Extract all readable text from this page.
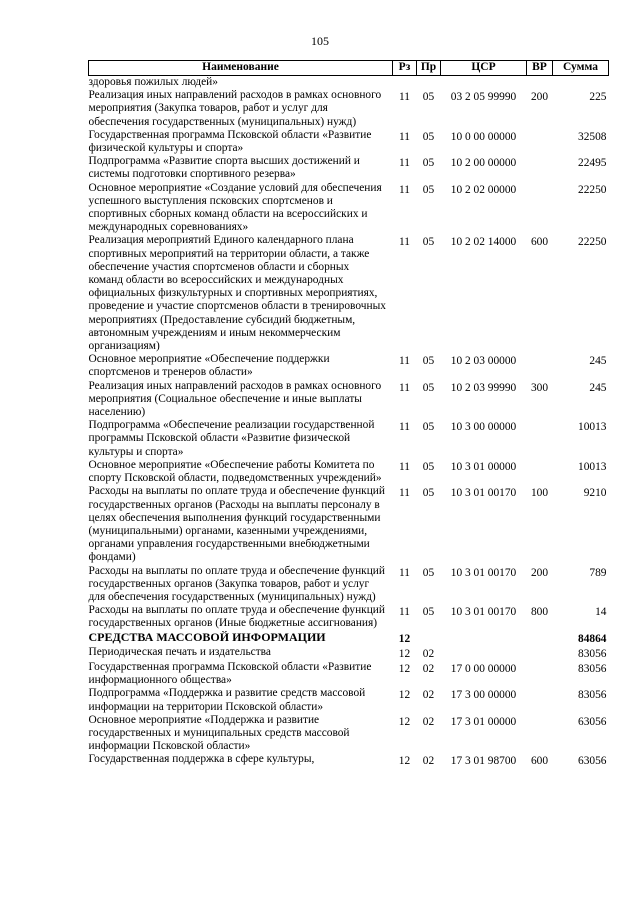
105
Наименование	Рз	Пр	ЦСР	ВР	Сумма
здоровья пожилых людей»					
Реализация иных направлений расходов в рамках основного мероприятия (Закупка товаров, работ и услуг для обеспечения государственных (муниципальных) нужд)	11	05	03 2 05 99990	200	225
Государственная программа Псковской области «Развитие физической культуры и спорта»	11	05	10 0 00 00000		32508
Подпрограмма «Развитие спорта высших достижений и системы подготовки спортивного резерва»	11	05	10 2 00 00000		22495
Основное мероприятие «Создание условий для обеспечения успешного выступления псковских спортсменов и спортивных сборных команд области на всероссийских и международных соревнованиях»	11	05	10 2 02 00000		22250
Реализация мероприятий Единого календарного плана спортивных мероприятий на территории области, а также обеспечение участия спортсменов области и сборных команд области во всероссийских и международных официальных физкультурных и спортивных мероприятиях, проведение и участие спортсменов области в тренировочных мероприятиях (Предоставление субсидий бюджетным, автономным учреждениям и иным некоммерческим организациям)	11	05	10 2 02 14000	600	22250
Основное мероприятие «Обеспечение поддержки спортсменов и тренеров области»	11	05	10 2 03 00000		245
Реализация иных направлений расходов в рамках основного мероприятия (Социальное обеспечение и иные выплаты населению)	11	05	10 2 03 99990	300	245
Подпрограмма «Обеспечение реализации государственной программы Псковской области «Развитие физической культуры и спорта»	11	05	10 3 00 00000		10013
Основное мероприятие «Обеспечение работы Комитета по спорту Псковской области, подведомственных учреждений»	11	05	10 3 01 00000		10013
Расходы на выплаты по оплате труда и обеспечение функций государственных органов (Расходы на выплаты персоналу в целях обеспечения выполнения функций государственными (муниципальными) органами, казенными учреждениями, органами управления государственными внебюджетными фондами)	11	05	10 3 01 00170	100	9210
Расходы на выплаты по оплате труда и обеспечение функций государственных органов (Закупка товаров, работ и услуг для обеспечения государственных (муниципальных) нужд)	11	05	10 3 01 00170	200	789
Расходы на выплаты по оплате труда и обеспечение функций государственных органов (Иные бюджетные ассигнования)	11	05	10 3 01 00170	800	14
СРЕДСТВА МАССОВОЙ ИНФОРМАЦИИ	12				84864
Периодическая печать и издательства	12	02			83056
Государственная программа Псковской области «Развитие информационного общества»	12	02	17 0 00 00000		83056
Подпрограмма «Поддержка и развитие средств массовой информации на территории Псковской области»	12	02	17 3 00 00000		83056
Основное мероприятие «Поддержка и развитие государственных и муниципальных средств массовой информации Псковской области»	12	02	17 3 01 00000		63056
Государственная поддержка в сфере культуры,	12	02	17 3 01 98700	600	63056
